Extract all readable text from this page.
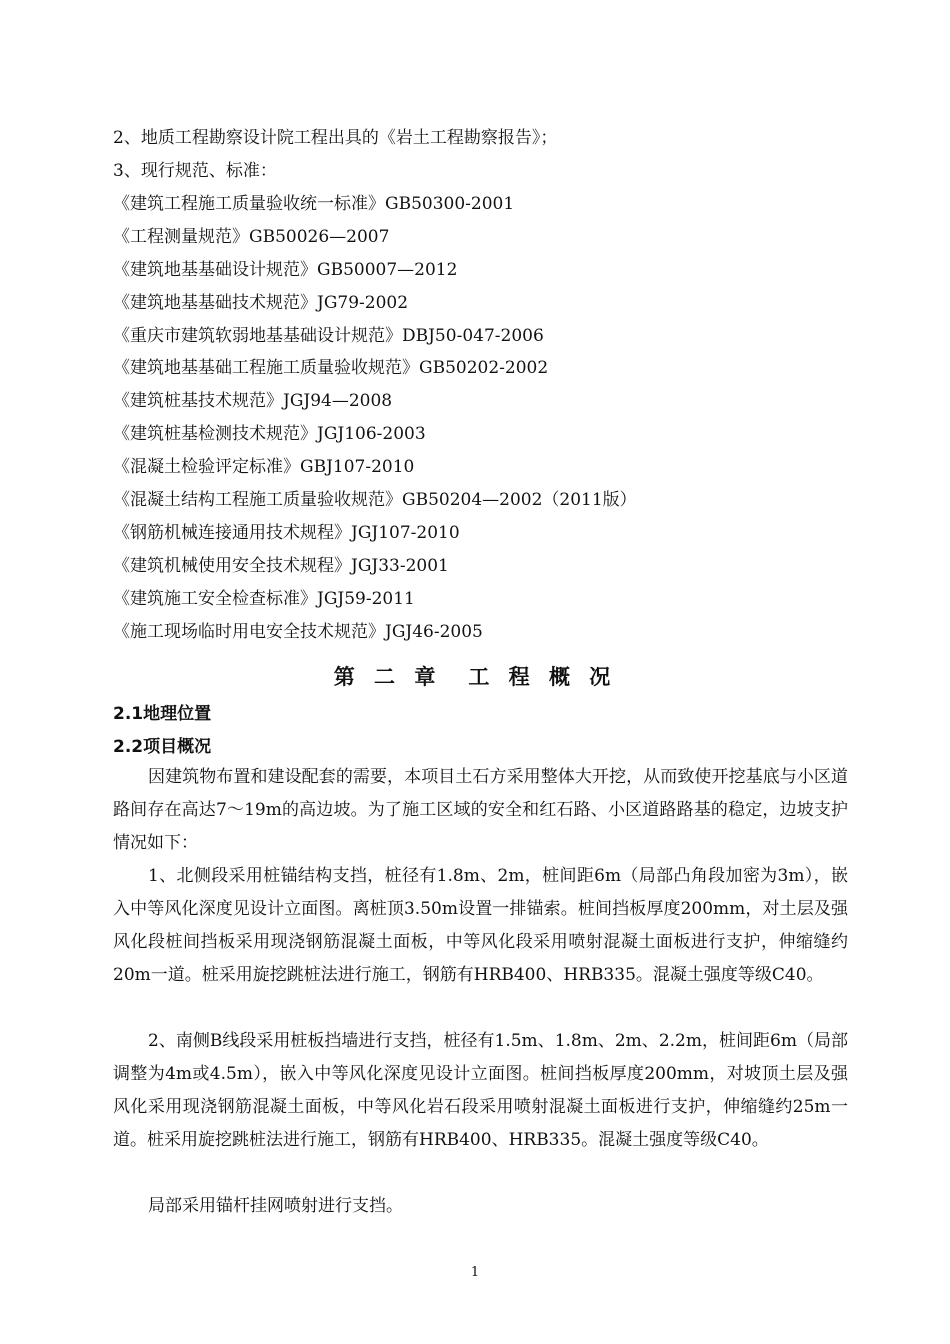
2、地质工程勘察设计院工程出具的《岩土工程勘察报告》；
3、现行规范、标准：
《建筑工程施工质量验收统一标准》GB50300-2001
《工程测量规范》GB50026—2007
《建筑地基基础设计规范》GB50007—2012
《建筑地基基础技术规范》JG79-2002
《重庆市建筑软弱地基基础设计规范》DBJ50-047-2006
《建筑地基基础工程施工质量验收规范》GB50202-2002
《建筑桩基技术规范》JGJ94—2008
《建筑桩基检测技术规范》JGJ106-2003
《混凝土检验评定标准》GBJ107-2010
《混凝土结构工程施工质量验收规范》GB50204—2002（2011版）
《钢筋机械连接通用技术规程》JGJ107-2010
《建筑机械使用安全技术规程》JGJ33-2001
《建筑施工安全检查标准》JGJ59-2011
《施工现场临时用电安全技术规范》JGJ46-2005
第 二 章　工 程 概 况
2.1地理位置
2.2项目概况

因建筑物布置和建设配套的需要，本项目土石方采用整体大开挖，从而致使开挖基底与小区道路间存在高达7～19m的高边坡。为了施工区域的安全和红石路、小区道路路基的稳定，边坡支护情况如下：

1、北侧段采用桩锚结构支挡，桩径有1.8m、2m，桩间距6m（局部凸角段加密为3m），嵌入中等风化深度见设计立面图。离桩顶3.50m设置一排锚索。桩间挡板厚度200mm，对土层及强风化段桩间挡板采用现浇钢筋混凝土面板，中等风化段采用喷射混凝土面板进行支护，伸缩缝约20m一道。桩采用旋挖跳桩法进行施工，钢筋有HRB400、HRB335。混凝土强度等级C40。

2、南侧B线段采用桩板挡墙进行支挡，桩径有1.5m、1.8m、2m、2.2m，桩间距6m（局部调整为4m或4.5m），嵌入中等风化深度见设计立面图。桩间挡板厚度200mm，对坡顶土层及强风化采用现浇钢筋混凝土面板，中等风化岩石段采用喷射混凝土面板进行支护，伸缩缝约25m一道。桩采用旋挖跳桩法进行施工，钢筋有HRB400、HRB335。混凝土强度等级C40。

局部采用锚杆挂网喷射进行支挡。

1
